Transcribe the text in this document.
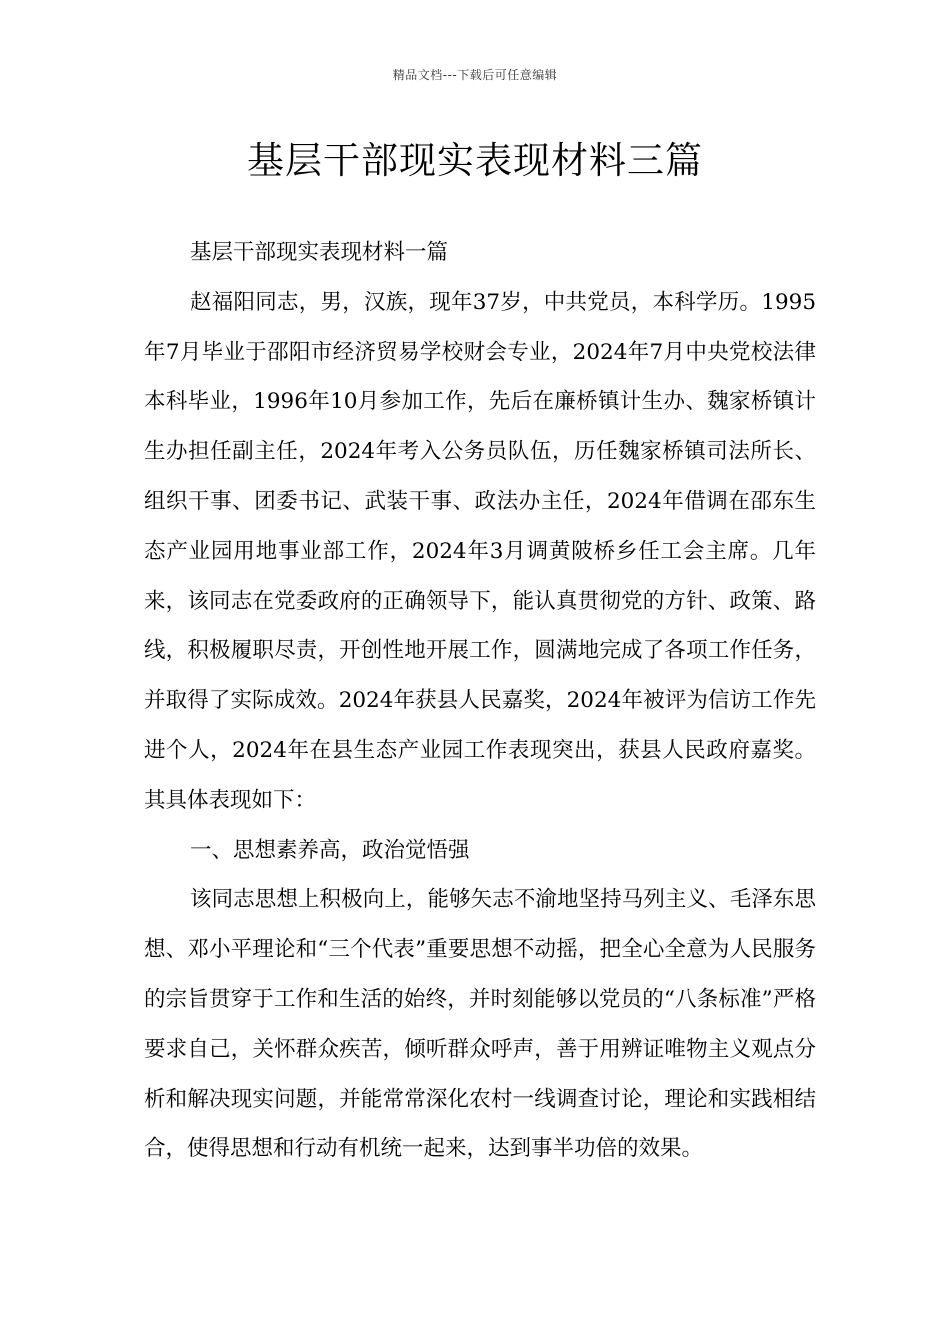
精品文档---下载后可任意编辑
基层干部现实表现材料三篇

基层干部现实表现材料一篇

赵福阳同志，男，汉族，现年37岁，中共党员，本科学历。1995年7月毕业于邵阳市经济贸易学校财会专业，2024年7月中央党校法律本科毕业，1996年10月参加工作，先后在廉桥镇计生办、魏家桥镇计生办担任副主任，2024年考入公务员队伍，历任魏家桥镇司法所长、组织干事、团委书记、武装干事、政法办主任，2024年借调在邵东生态产业园用地事业部工作，2024年3月调黄陂桥乡任工会主席。几年来，该同志在党委政府的正确领导下，能认真贯彻党的方针、政策、路线，积极履职尽责，开创性地开展工作，圆满地完成了各项工作任务，并取得了实际成效。2024年获县人民嘉奖，2024年被评为信访工作先进个人，2024年在县生态产业园工作表现突出，获县人民政府嘉奖。其具体表现如下：

一、思想素养高，政治觉悟强

该同志思想上积极向上，能够矢志不渝地坚持马列主义、毛泽东思想、邓小平理论和“三个代表”重要思想不动摇，把全心全意为人民服务的宗旨贯穿于工作和生活的始终，并时刻能够以党员的“八条标准”严格要求自己，关怀群众疾苦，倾听群众呼声，善于用辨证唯物主义观点分析和解决现实问题，并能常常深化农村一线调查讨论，理论和实践相结合，使得思想和行动有机统一起来，达到事半功倍的效果。
